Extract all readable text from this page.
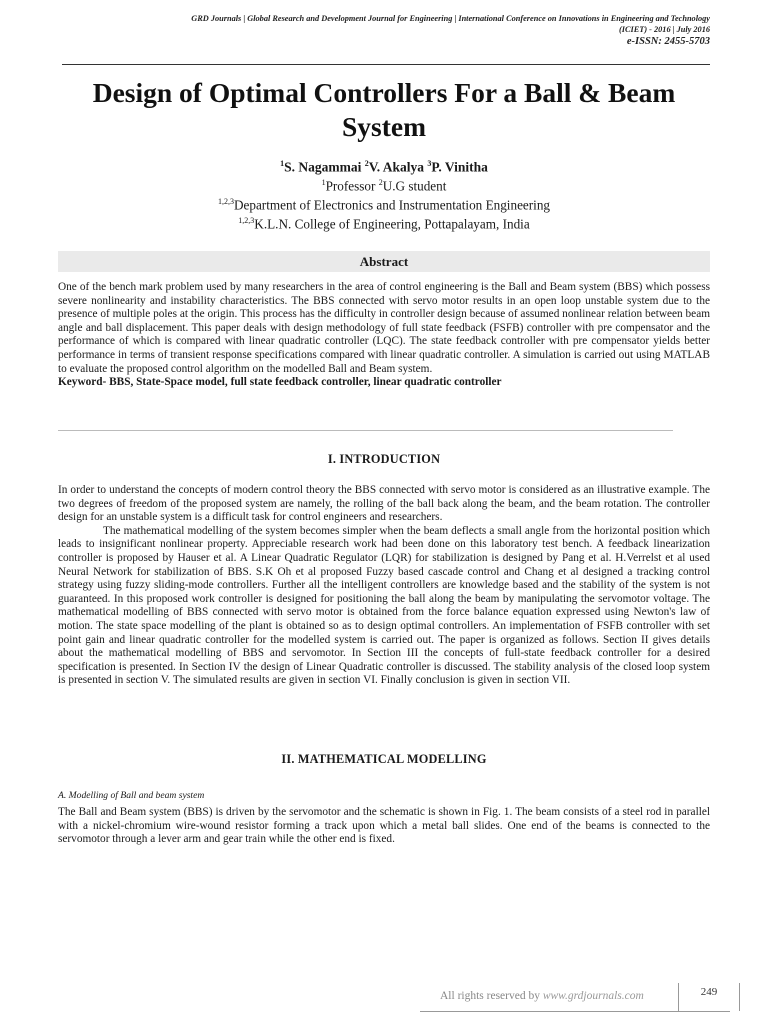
GRD Journals | Global Research and Development Journal for Engineering | International Conference on Innovations in Engineering and Technology
(ICIET) - 2016 | July 2016
e-ISSN: 2455-5703
Design of Optimal Controllers For a Ball & Beam
System
$^1$S. Nagammai $^2$V. Akalya $^3$P. Vinitha
$^1$Professor $^2$U.G student
$^{1,2,3}$Department of Electronics and Instrumentation Engineering
$^{1,2,3}$K.L.N. College of Engineering, Pottapalayam, India
Abstract

One of the bench mark problem used by many researchers in the area of control engineering is the Ball and Beam system (BBS) which possess severe nonlinearity and instability characteristics. The BBS connected with servo motor results in an open loop unstable system due to the presence of multiple poles at the origin. This process has the difficulty in controller design because of assumed nonlinear relation between beam angle and ball displacement. This paper deals with design methodology of full state feedback (FSFB) controller with pre compensator and the performance of which is compared with linear quadratic controller (LQC). The state feedback controller with pre compensator yields better performance in terms of transient response specifications compared with linear quadratic controller. A simulation is carried out using MATLAB to evaluate the proposed control algorithm on the modelled Ball and Beam system.

Keyword- BBS, State-Space model, full state feedback controller, linear quadratic controller

I. INTRODUCTION

In order to understand the concepts of modern control theory the BBS connected with servo motor is considered as an illustrative example. The two degrees of freedom of the proposed system are namely, the rolling of the ball back along the beam, and the beam rotation. The controller design for an unstable system is a difficult task for control engineers and researchers.

The mathematical modelling of the system becomes simpler when the beam deflects a small angle from the horizontal position which leads to insignificant nonlinear property. Appreciable research work had been done on this laboratory test bench. A feedback linearization controller is proposed by Hauser et al. A Linear Quadratic Regulator (LQR) for stabilization is designed by Pang et al. H.Verrelst et al used Neural Network for stabilization of BBS. S.K Oh et al proposed Fuzzy based cascade control and Chang et al designed a tracking control strategy using fuzzy sliding-mode controllers. Further all the intelligent controllers are knowledge based and the stability of the system is not guaranteed. In this proposed work controller is designed for positioning the ball along the beam by manipulating the servomotor voltage. The mathematical modelling of BBS connected with servo motor is obtained from the force balance equation expressed using Newton's law of motion. The state space modelling of the plant is obtained so as to design optimal controllers. An implementation of FSFB controller with set point gain and linear quadratic controller for the modelled system is carried out. The paper is organized as follows. Section II gives details about the mathematical modelling of BBS and servomotor. In Section III the concepts of full-state feedback controller for a desired specification is presented. In Section IV the design of Linear Quadratic controller is discussed. The stability analysis of the closed loop system is presented in section V. The simulated results are given in section VI. Finally conclusion is given in section VII.

II. MATHEMATICAL MODELLING
A. Modelling of Ball and beam system

The Ball and Beam system (BBS) is driven by the servomotor and the schematic is shown in Fig. 1. The beam consists of a steel rod in parallel with a nickel-chromium wire-wound resistor forming a track upon which a metal ball slides. One end of the beams is connected to the servomotor through a lever arm and gear train while the other end is fixed.

All rights reserved by www.grdjournals.com	249
